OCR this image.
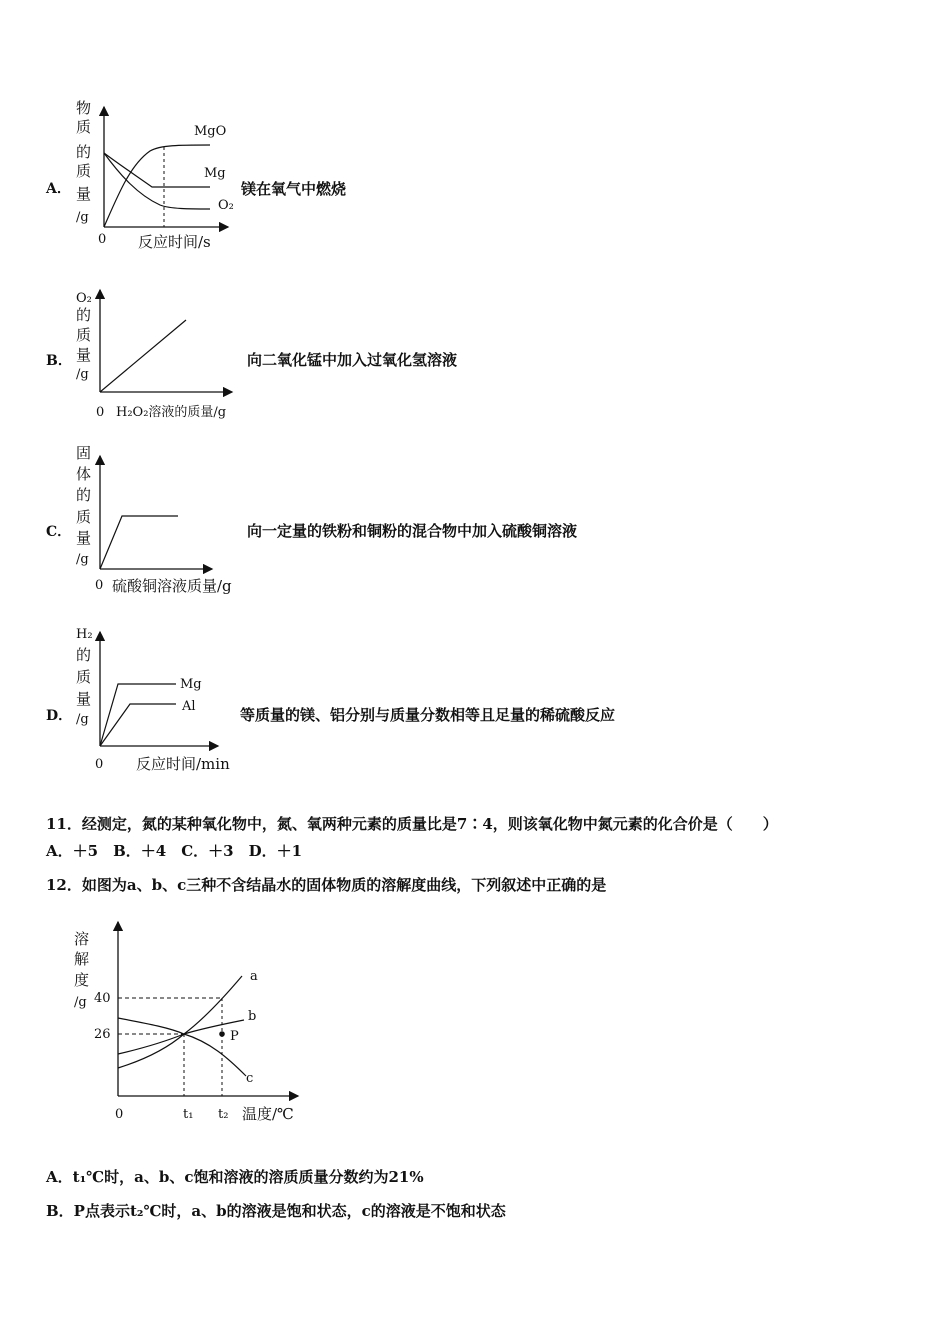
A．
物
质
的
质
量
/g
0 反应时间/s
MgO
Mg
O₂
镁在氧气中燃烧
B．
O₂
的
质
量
/g
0 H₂O₂溶液的质量/g
向二氧化锰中加入过氧化氢溶液
C．
固
体
的
质
量
/g
0 硫酸铜溶液质量/g
向一定量的铁粉和铜粉的混合物中加入硫酸铜溶液
D．
H₂
的
质
量
/g
Mg
Al
0 反应时间/min
等质量的镁、铝分别与质量分数相等且足量的稀硫酸反应
11．经测定，氮的某种氧化物中，氮、氧两种元素的质量比是7∶4，则该氧化物中氮元素的化合价是（　　）
A．＋5　B．＋4　C．＋3　D．＋1
12．如图为a、b、c三种不含结晶水的固体物质的溶解度曲线，下列叙述中正确的是
溶
解
度
/g 40
26
a
b
c
P
0	t₁ t₂ 温度/℃
A．t₁℃时，a、b、c饱和溶液的溶质质量分数约为21%
B．P点表示t₂℃时，a、b的溶液是饱和状态，c的溶液是不饱和状态
